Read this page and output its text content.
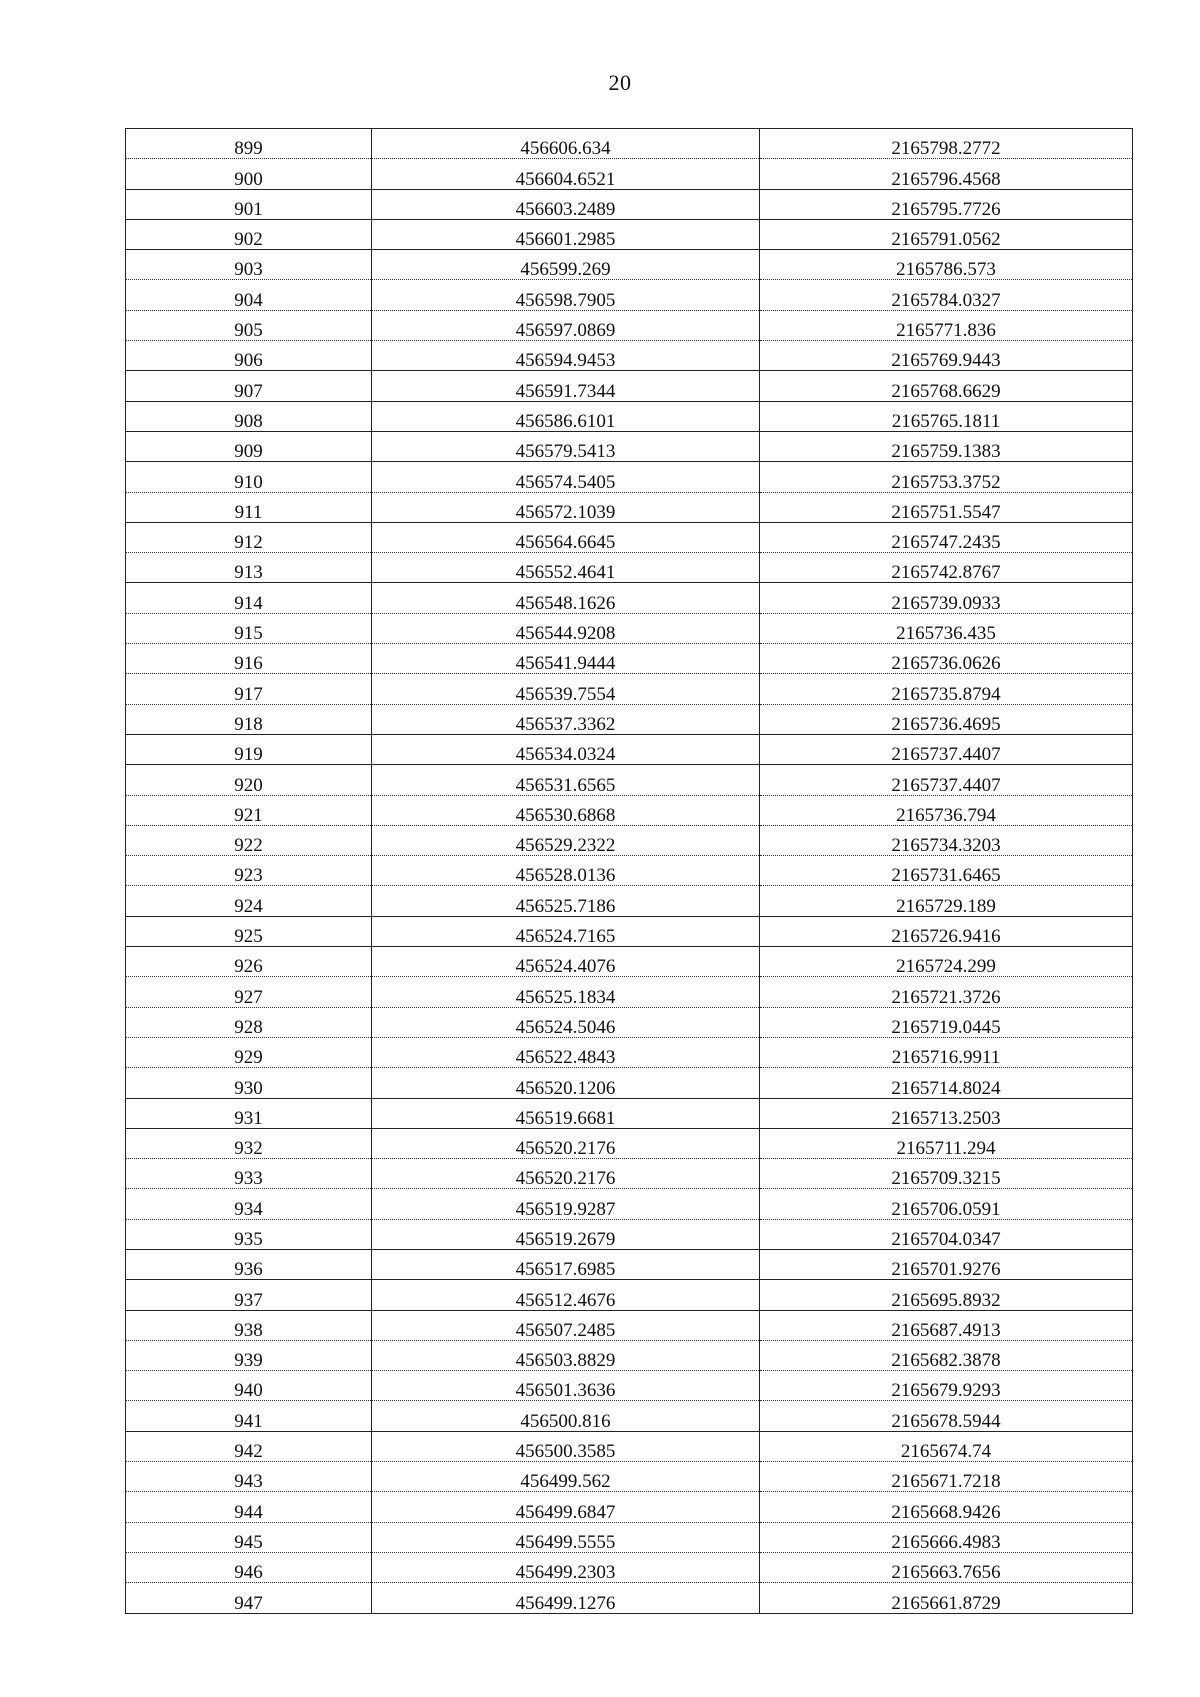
20
899	456606.634	2165798.2772
900	456604.6521	2165796.4568
901	456603.2489	2165795.7726
902	456601.2985	2165791.0562
903	456599.269	2165786.573
904	456598.7905	2165784.0327
905	456597.0869	2165771.836
906	456594.9453	2165769.9443
907	456591.7344	2165768.6629
908	456586.6101	2165765.1811
909	456579.5413	2165759.1383
910	456574.5405	2165753.3752
911	456572.1039	2165751.5547
912	456564.6645	2165747.2435
913	456552.4641	2165742.8767
914	456548.1626	2165739.0933
915	456544.9208	2165736.435
916	456541.9444	2165736.0626
917	456539.7554	2165735.8794
918	456537.3362	2165736.4695
919	456534.0324	2165737.4407
920	456531.6565	2165737.4407
921	456530.6868	2165736.794
922	456529.2322	2165734.3203
923	456528.0136	2165731.6465
924	456525.7186	2165729.189
925	456524.7165	2165726.9416
926	456524.4076	2165724.299
927	456525.1834	2165721.3726
928	456524.5046	2165719.0445
929	456522.4843	2165716.9911
930	456520.1206	2165714.8024
931	456519.6681	2165713.2503
932	456520.2176	2165711.294
933	456520.2176	2165709.3215
934	456519.9287	2165706.0591
935	456519.2679	2165704.0347
936	456517.6985	2165701.9276
937	456512.4676	2165695.8932
938	456507.2485	2165687.4913
939	456503.8829	2165682.3878
940	456501.3636	2165679.9293
941	456500.816	2165678.5944
942	456500.3585	2165674.74
943	456499.562	2165671.7218
944	456499.6847	2165668.9426
945	456499.5555	2165666.4983
946	456499.2303	2165663.7656
947	456499.1276	2165661.8729
